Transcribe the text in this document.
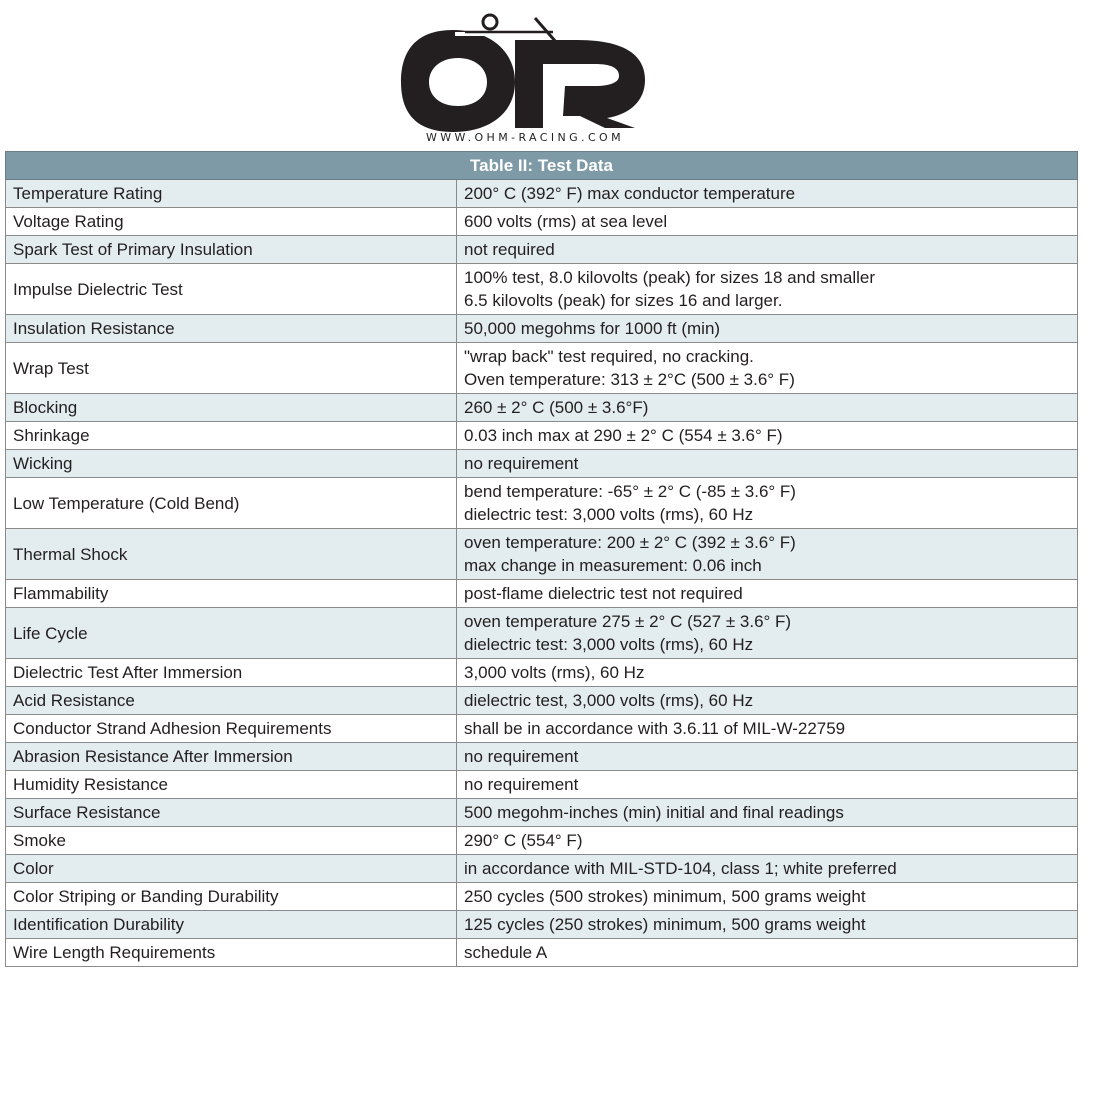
WWW.OHM-RACING.COM
Table II: Test Data	
Temperature Rating	200° C (392° F) max conductor temperature

Voltage Rating	600 volts (rms) at sea level

Spark Test of Primary Insulation	not required

Impulse Dielectric Test	100% test, 8.0 kilovolts (peak) for sizes 18 and smaller
6.5 kilovolts (peak) for sizes 16 and larger.

Insulation Resistance	50,000 megohms for 1000 ft (min)

Wrap Test	"wrap back" test required, no cracking.
Oven temperature: 313 ± 2°C (500 ± 3.6° F)

Blocking	260 ± 2° C (500 ± 3.6°F)

Shrinkage	0.03 inch max at 290 ± 2° C (554 ± 3.6° F)

Wicking	no requirement

Low Temperature (Cold Bend)	bend temperature: -65° ± 2° C (-85 ± 3.6° F)
dielectric test: 3,000 volts (rms), 60 Hz

Thermal Shock	oven temperature: 200 ± 2° C (392 ± 3.6° F)
max change in measurement: 0.06 inch

Flammability	post-flame dielectric test not required

Life Cycle	oven temperature 275 ± 2° C (527 ± 3.6° F)
dielectric test: 3,000 volts (rms), 60 Hz

Dielectric Test After Immersion	3,000 volts (rms), 60 Hz

Acid Resistance	dielectric test, 3,000 volts (rms), 60 Hz

Conductor Strand Adhesion Requirements	shall be in accordance with 3.6.11 of MIL-W-22759

Abrasion Resistance After Immersion	no requirement

Humidity Resistance	no requirement

Surface Resistance	500 megohm-inches (min) initial and final readings

Smoke	290° C (554° F)

Color	in accordance with MIL-STD-104, class 1; white preferred

Color Striping or Banding Durability	250 cycles (500 strokes) minimum, 500 grams weight

Identification Durability	125 cycles (250 strokes) minimum, 500 grams weight

Wire Length Requirements	schedule A
